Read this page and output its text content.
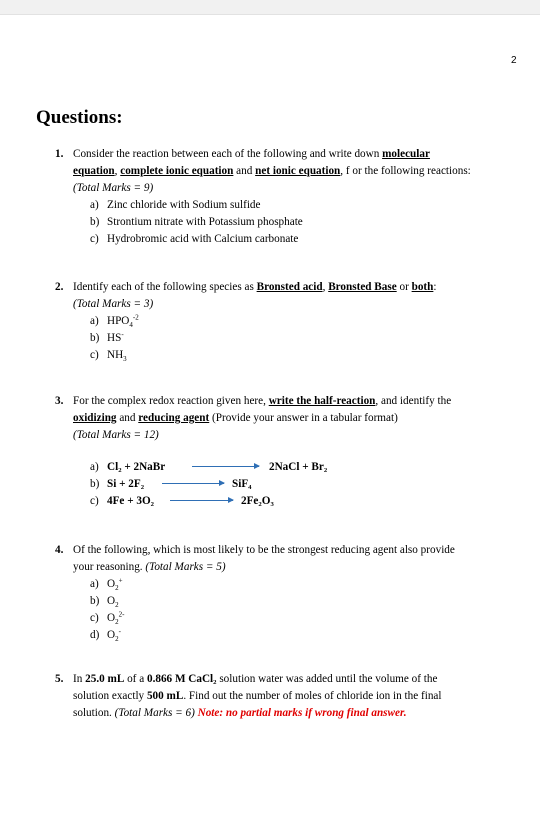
2
Questions:
1. Consider the reaction between each of the following and write down molecular
equation, complete ionic equation and net ionic equation, f or the following reactions:
(Total Marks = 9)
a) Zinc chloride with Sodium sulfide
b) Strontium nitrate with Potassium phosphate
c) Hydrobromic acid with Calcium carbonate
2. Identify each of the following species as Bronsted acid, Bronsted Base or both:
(Total Marks = 3)
a) $HPO_4^{-2}$
b) HS-
c) $NH_3$
3. For the complex redox reaction given here, write the half-reaction, and identify the
oxidizing and reducing agent (Provide your answer in a tabular format)
(Total Marks = 12)
a) Cl₂ + 2NaBr	2NaCl + Br₂
b) Si + 2F₂	SiF₄
c) 4Fe + 3O₂	2Fe₂O₃
4. Of the following, which is most likely to be the strongest reducing agent also provide
your reasoning. (Total Marks = 5)
a) $O_2^+$
b) $O_2$
c) $O_2^{2-}$
d) $O_2^-$
5. In 25.0 mL of a 0.866 M CaCl₂ solution water was added until the volume of the
solution exactly 500 mL. Find out the number of moles of chloride ion in the final
solution. (Total Marks = 6) Note: no partial marks if wrong final answer.
